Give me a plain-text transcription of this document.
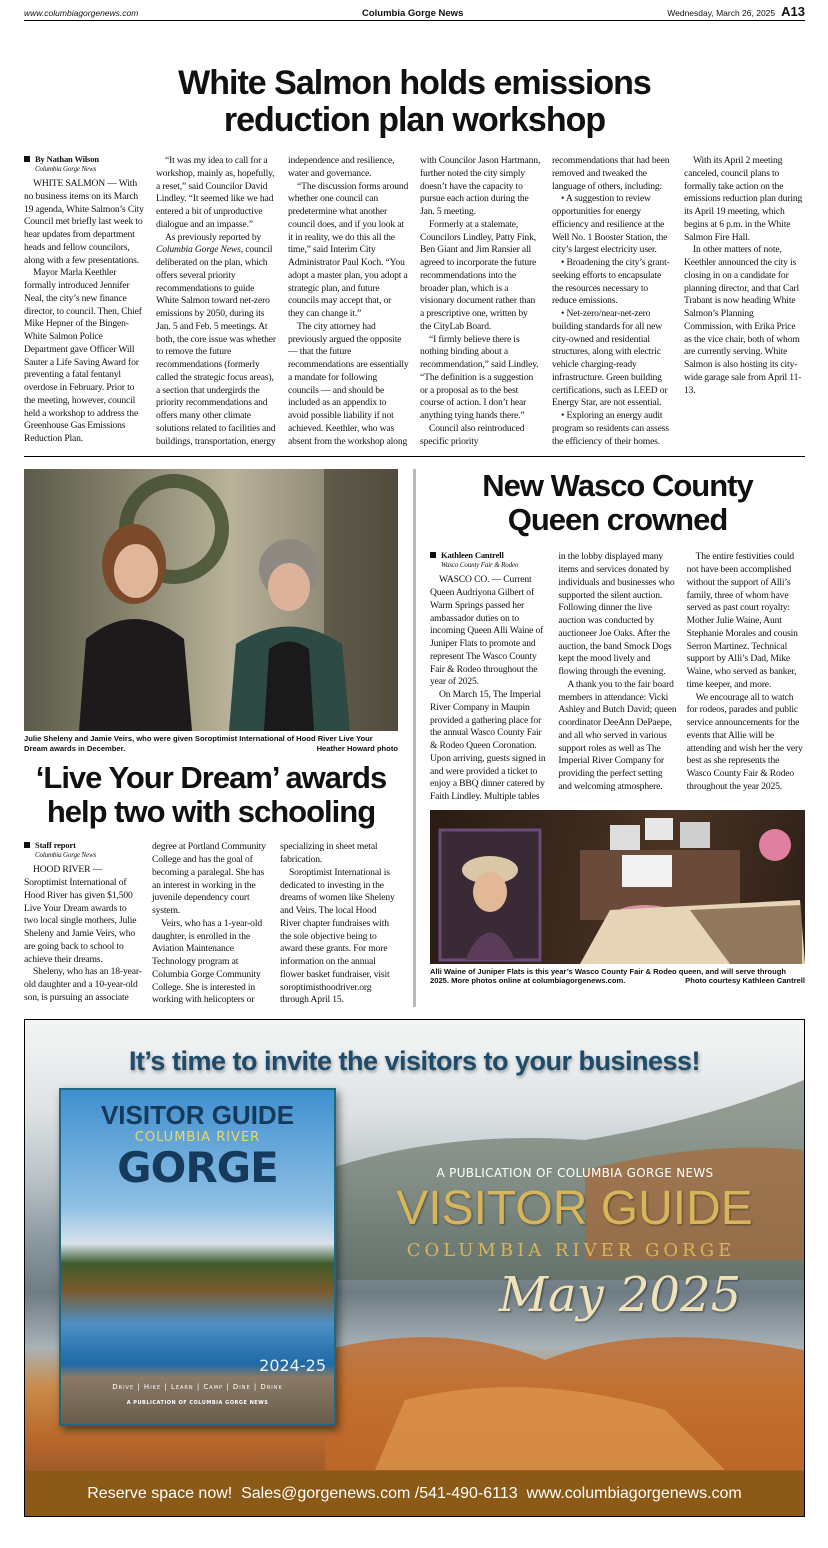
www.columbiagorgenews.com	Columbia Gorge News	Wednesday, March 26, 2025 A13
White Salmon holds emissions
reduction plan workshop
By Nathan Wilson
Columbia Gorge News

WHITE SALMON — With no business items on its March 19 agenda, White Salmon’s City Council met briefly last week to hear updates from department heads and fellow councilors, along with a few presentations.

Mayor Marla Keethler formally introduced Jennifer Neal, the city’s new finance director, to council. Then, Chief Mike Hepner of the Bingen-White Salmon Police Department gave Officer Will Sauter a Life Saving Award for preventing a fatal fentanyl overdose in February. Prior to the meeting, however, council held a workshop to address the Greenhouse Gas Emissions Reduction Plan.

“It was my idea to call for a workshop, mainly as, hopefully, a reset,” said Councilor David Lindley. “It seemed like we had entered a bit of unproductive dialogue and an impasse.”

As previously reported by Columbia Gorge News, council deliberated on the plan, which offers several priority recommendations to guide White Salmon toward net-zero emissions by 2050, during its Jan. 5 and Feb. 5 meetings. At both, the core issue was whether to remove the future recommendations (formerly called the strategic focus areas), a section that undergirds the priority recommendations and offers many other climate solutions related to facilities and buildings, transportation, energy independence and resilience, water and governance.

“The discussion forms around whether one council can predetermine what another council does, and if you look at it in reality, we do this all the time,” said Interim City Administrator Paul Koch. “You adopt a master plan, you adopt a strategic plan, and future councils may accept that, or they can change it.”

The city attorney had previously argued the opposite — that the future recommendations are essentially a mandate for following councils — and should be included as an appendix to avoid possible liability if not achieved. Keethler, who was absent from the workshop along with Councilor Jason Hartmann, further noted the city simply doesn’t have the capacity to pursue each action during the Jan. 5 meeting.

Formerly at a stalemate, Councilors Lindley, Patty Fink, Ben Giant and Jim Ransier all agreed to incorporate the future recommendations into the broader plan, which is a visionary document rather than a prescriptive one, written by the CityLab Board.

“I firmly believe there is nothing binding about a recommendation,” said Lindley. “The definition is a suggestion or a proposal as to the best course of action. I don’t hear anything tying hands there.”

Council also reintroduced specific priority recommendations that had been removed and tweaked the language of others, including:

• A suggestion to review opportunities for energy efficiency and resilience at the Well No. 1 Booster Station, the city’s largest electricity user.

• Broadening the city’s grant-seeking efforts to encapsulate the resources necessary to reduce emissions.

• Net-zero/near-net-zero building standards for all new city-owned and residential structures, along with electric vehicle charging-ready infrastructure. Green building certifications, such as LEED or Energy Star, are not essential.

• Exploring an energy audit program so residents can assess the efficiency of their homes.

With its April 2 meeting canceled, council plans to formally take action on the emissions reduction plan during its April 19 meeting, which begins at 6 p.m. in the White Salmon Fire Hall.

In other matters of note, Keethler announced the city is closing in on a candidate for planning director, and that Carl Trabant is now heading White Salmon’s Planning Commission, with Erika Price as the vice chair, both of whom are currently serving. White Salmon is also hosting its city-wide garage sale from April 11-13.

Julie Sheleny and Jamie Veirs, who were given Soroptimist International of Hood River Live Your Dream awards in December.	Heather Howard photo
‘Live Your Dream’ awards
help two with schooling
Staff report
Columbia Gorge News

HOOD RIVER — Soroptimist International of Hood River has given $1,500 Live Your Dream awards to two local single mothers, Julie Sheleny and Jamie Veirs, who are going back to school to achieve their dreams.

Sheleny, who has an 18-year-old daughter and a 10-year-old son, is pursuing an associate degree at Portland Community College and has the goal of becoming a paralegal. She has an interest in working in the juvenile dependency court system.

Veirs, who has a 1-year-old daughter, is enrolled in the Aviation Maintenance Technology program at Columbia Gorge Community College. She is interested in working with helicopters or specializing in sheet metal fabrication.

Soroptimist International is dedicated to investing in the dreams of women like Sheleny and Veirs. The local Hood River chapter fundraises with the sole objective being to award these grants. For more information on the annual flower basket fundraiser, visit soroptimisthoodriver.org through April 15.

New Wasco County
Queen crowned
Kathleen Cantrell
Wasco County Fair & Rodeo

WASCO CO. — Current Queen Audriyona Gilbert of Warm Springs passed her ambassador duties on to incoming Queen Alli Waine of Juniper Flats to promote and represent The Wasco County Fair & Rodeo throughout the year of 2025.

On March 15, The Imperial River Company in Maupin provided a gathering place for the annual Wasco County Fair & Rodeo Queen Coronation. Upon arriving, guests signed in and were provided a ticket to enjoy a BBQ dinner catered by Faith Lindley. Multiple tables in the lobby displayed many items and services donated by individuals and businesses who supported the silent auction. Following dinner the live auction was conducted by auctioneer Joe Oaks. After the auction, the band Smock Dogs kept the mood lively and flowing through the evening.

A thank you to the fair board members in attendance: Vicki Ashley and Butch David; queen coordinator DeeAnn DePaepe, and all who served in various support roles as well as The Imperial River Company for providing the perfect setting and welcoming atmosphere.

The entire festivities could not have been accomplished without the support of Alli’s family, three of whom have served as past court royalty: Mother Julie Waine, Aunt Stephanie Morales and cousin Serron Martinez. Technical support by Alli’s Dad, Mike Waine, who served as banker, time keeper, and more.

We encourage all to watch for rodeos, parades and public service announcements for the events that Allie will be attending and wish her the very best as she represents the Wasco County Fair & Rodeo throughout the year 2025.

Alli Waine of Juniper Flats is this year’s Wasco County Fair & Rodeo queen, and will serve through 2025. More photos online at columbiagorgenews.com.	Photo courtesy Kathleen Cantrell
It’s time to invite the visitors to your business!
VISITOR GUIDE
COLUMBIA RIVER
GORGE
2024-25
Drive | Hike | Learn | Camp | Dine | Drink
A PUBLICATION OF COLUMBIA GORGE NEWS
A PUBLICATION OF COLUMBIA GORGE NEWS
VISITOR GUIDE
COLUMBIA RIVER GORGE
May 2025
Reserve space now!  Sales@gorgenews.com /541-490-6113  www.columbiagorgenews.com
